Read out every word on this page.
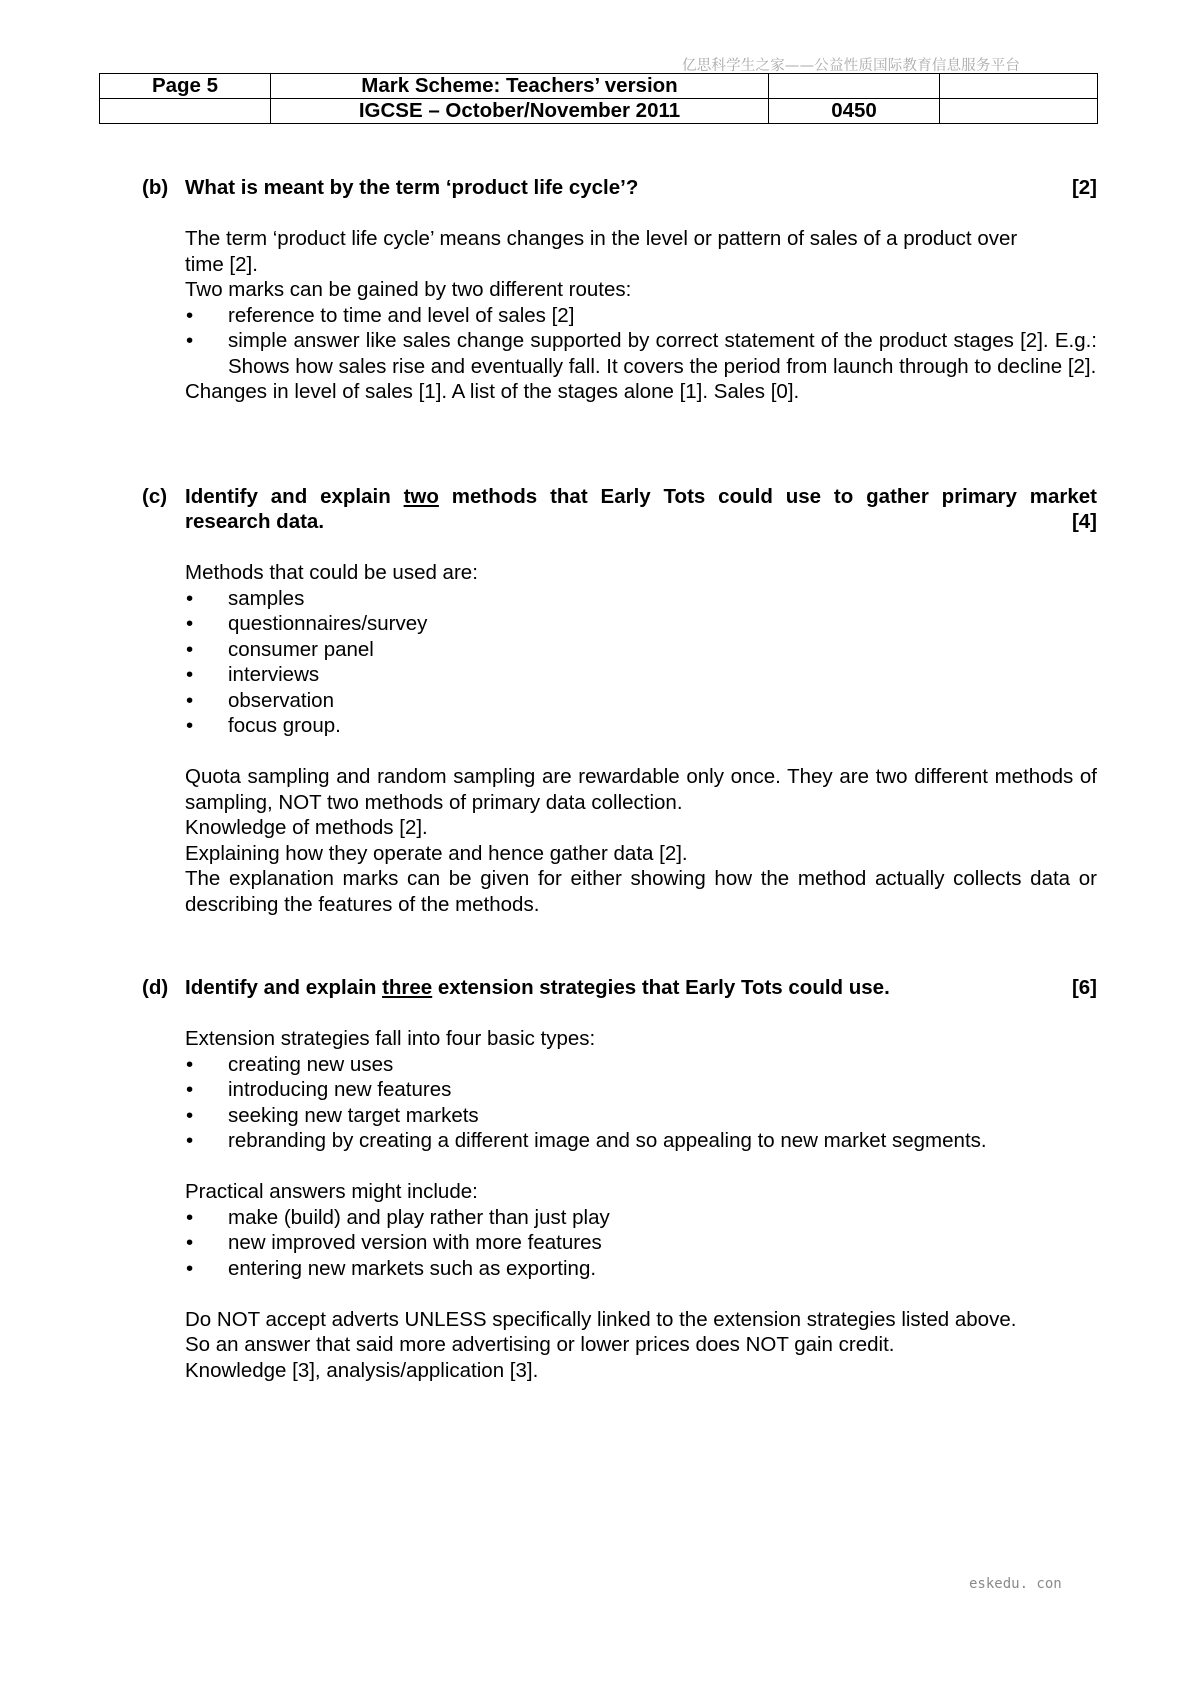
亿思科学生之家——公益性质国际教育信息服务平台
Page 5	Mark Scheme: Teachers’ version		
	IGCSE – October/November 2011	0450	
(b) What is meant by the term ‘product life cycle’?	[2]

The term ‘product life cycle’ means changes in the level or pattern of sales of a product over

time [2].

Two marks can be gained by two different routes:

• reference to time and level of sales [2]
• simple answer like sales change supported by correct statement of the product stages [2]. E.g.: Shows how sales rise and eventually fall. It covers the period from launch through to decline [2].

Changes in level of sales [1]. A list of the stages alone [1]. Sales [0].

(c) Identify and explain two methods that Early Tots could use to gather primary market
research data.	[4]

Methods that could be used are:

• samples
• questionnaires/survey
• consumer panel
• interviews
• observation
• focus group.

Quota sampling and random sampling are rewardable only once. They are two different methods of sampling, NOT two methods of primary data collection.

Knowledge of methods [2].

Explaining how they operate and hence gather data [2].

The explanation marks can be given for either showing how the method actually collects data or describing the features of the methods.

(d) Identify and explain three extension strategies that Early Tots could use.	[6]

Extension strategies fall into four basic types:

• creating new uses
• introducing new features
• seeking new target markets
• rebranding by creating a different image and so appealing to new market segments.

Practical answers might include:

• make (build) and play rather than just play
• new improved version with more features
• entering new markets such as exporting.

Do NOT accept adverts UNLESS specifically linked to the extension strategies listed above.

So an answer that said more advertising or lower prices does NOT gain credit.

Knowledge [3], analysis/application [3].

eskedu. con
